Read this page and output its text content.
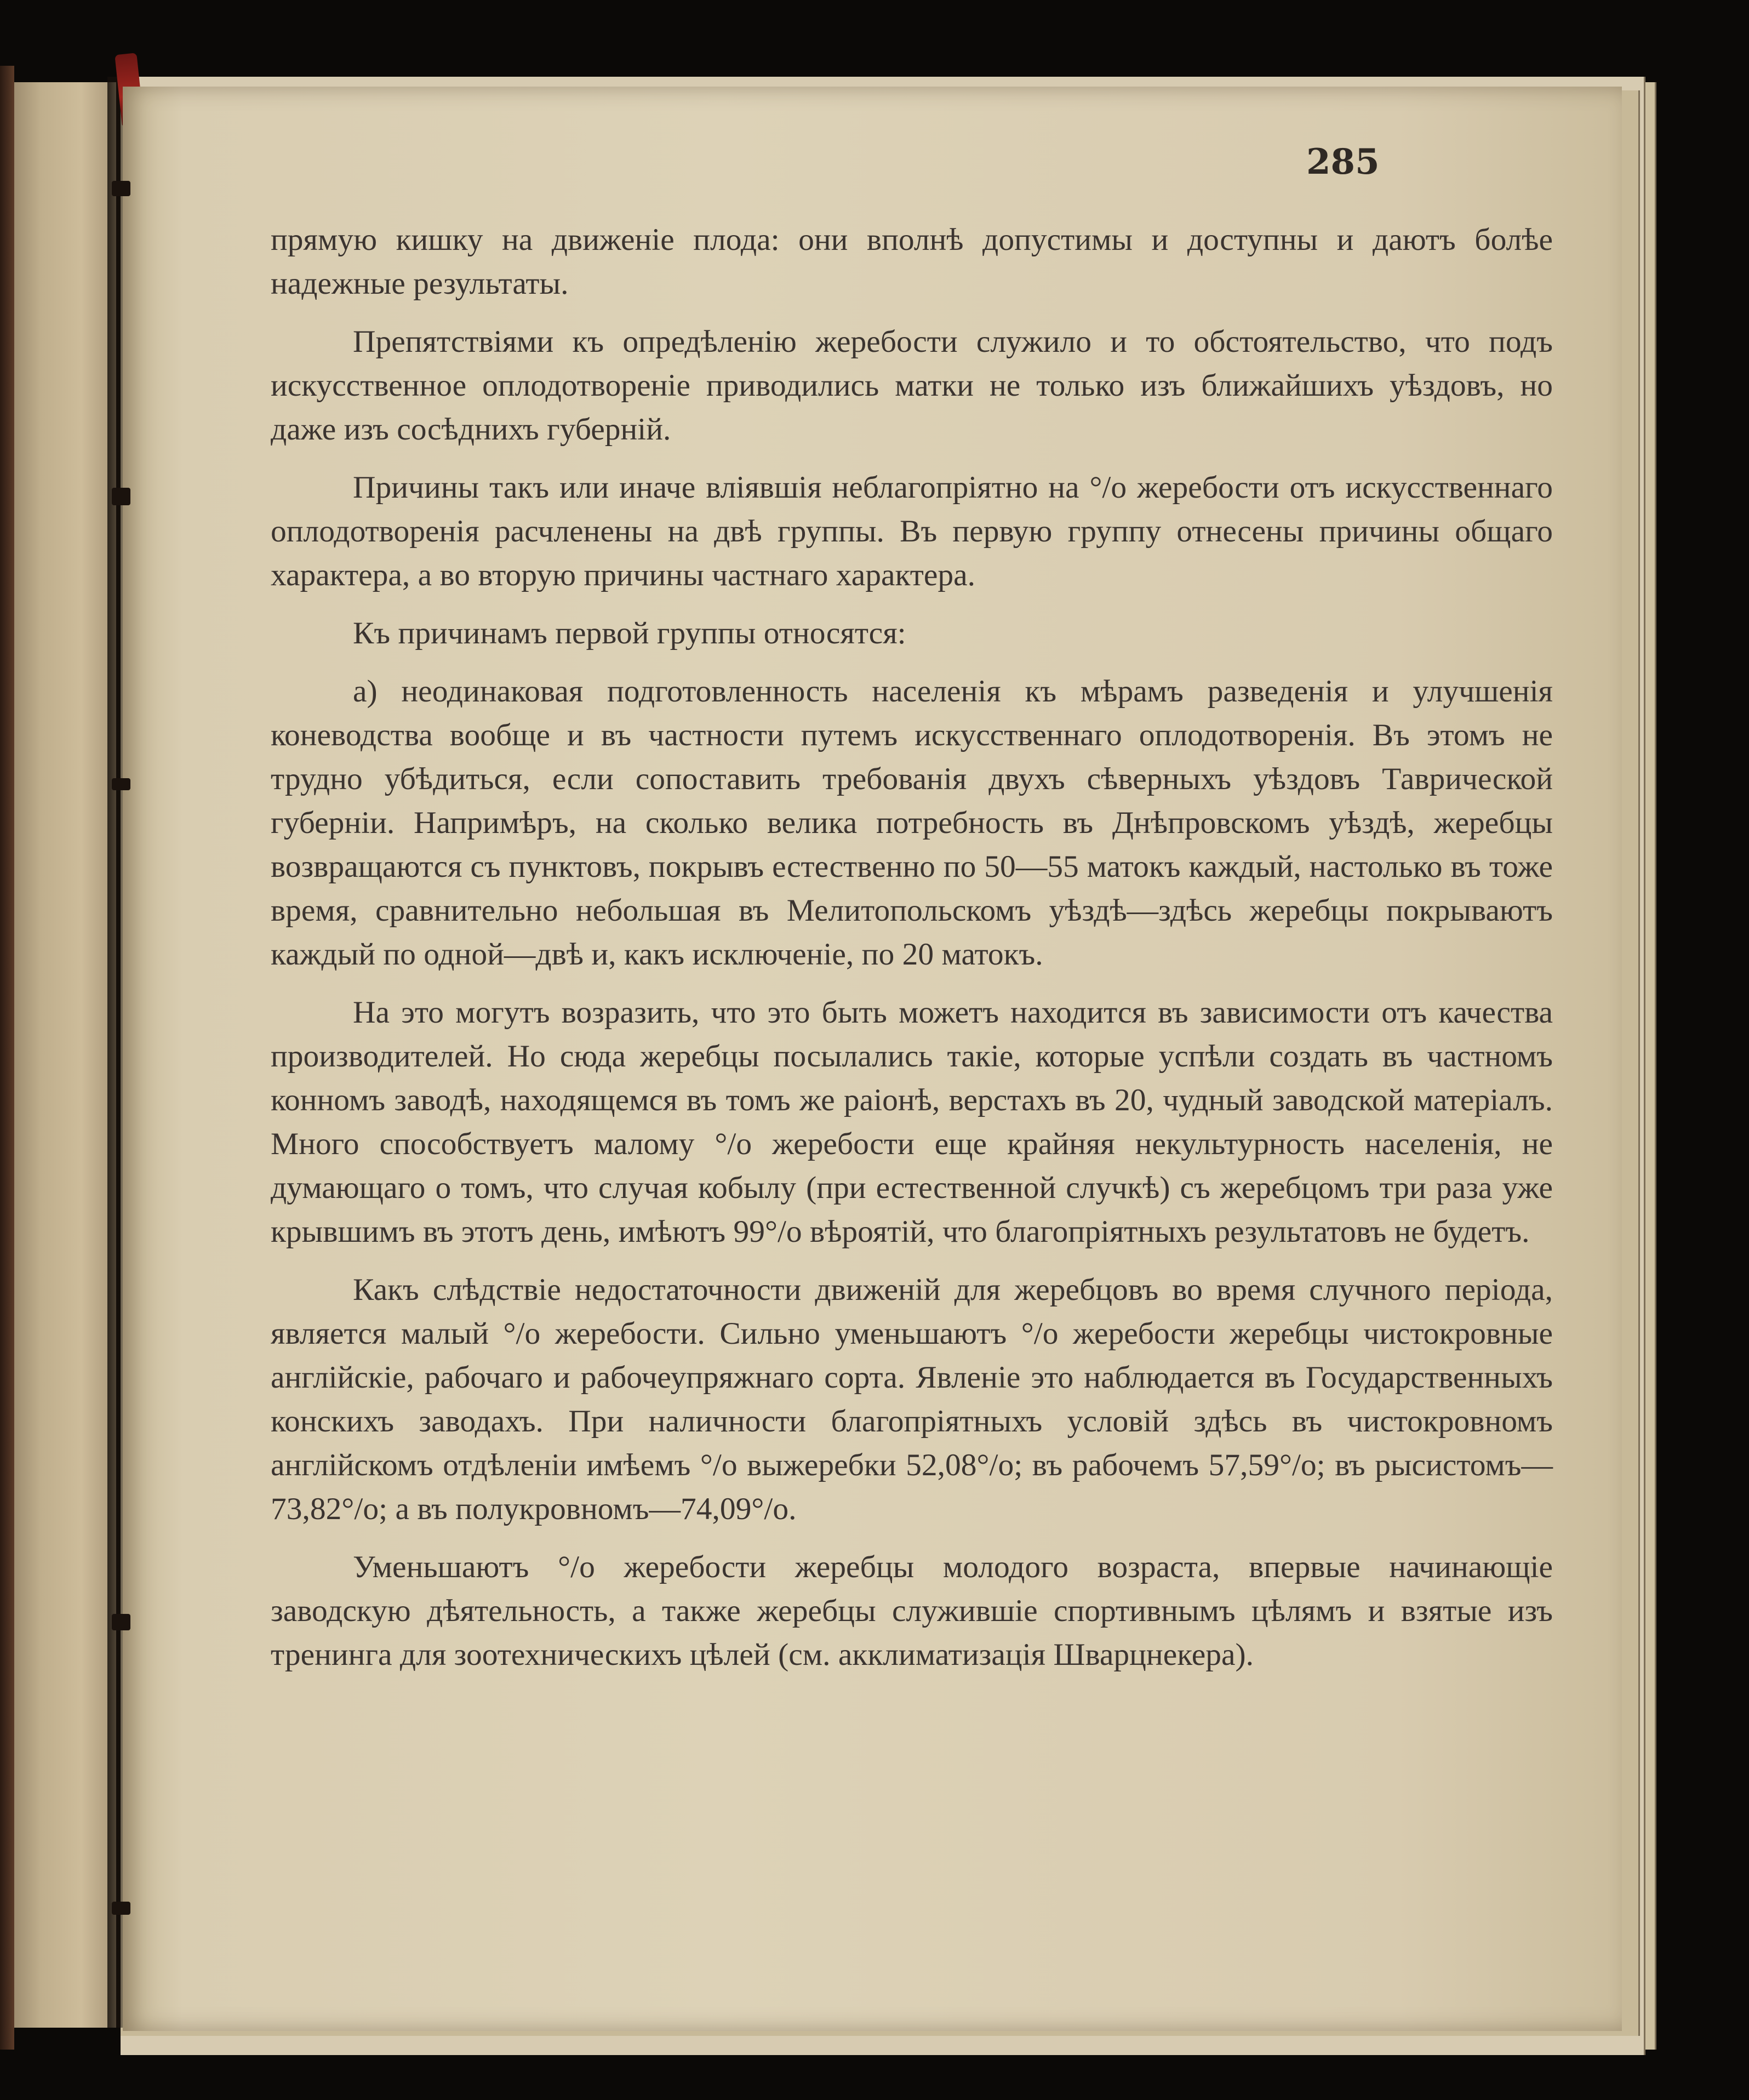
285

прямую кишку на движеніе плода: они вполнѣ допустимы и доступны и даютъ болѣе надежные результаты.

Препятствіями къ опредѣленію жеребости служило и то обстоятельство, что подъ искусственное оплодотвореніе приводились матки не только изъ ближайшихъ уѣздовъ, но даже изъ сосѣднихъ губерній.

Причины такъ или иначе вліявшія неблагопріятно на °/o жеребости отъ искусственнаго оплодотворенія расчленены на двѣ группы. Въ первую группу отнесены причины общаго характера, а во вторую причины частнаго характера.

Къ причинамъ первой группы относятся:

а) неодинаковая подготовленность населенія къ мѣрамъ разведенія и улучшенія коневодства вообще и въ частности путемъ искусственнаго оплодотворенія. Въ этомъ не трудно убѣдиться, если сопоставить требованія двухъ сѣверныхъ уѣздовъ Таврической губерніи. Напримѣръ, на сколько велика потребность въ Днѣпровскомъ уѣздѣ, жеребцы возвращаются съ пунктовъ, покрывъ естественно по 50—55 матокъ каждый, настолько въ тоже время, сравнительно небольшая въ Мелитопольскомъ уѣздѣ—здѣсь жеребцы покрываютъ каждый по одной—двѣ и, какъ исключеніе, по 20 матокъ.

На это могутъ возразить, что это быть можетъ находится въ зависимости отъ качества производителей. Но сюда жеребцы посылались такіе, которые успѣли создать въ частномъ конномъ заводѣ, находящемся въ томъ же раіонѣ, верстахъ въ 20, чудный заводской матеріалъ. Много способствуетъ малому °/o жеребости еще крайняя некультурность населенія, не думающаго о томъ, что случая кобылу (при естественной случкѣ) съ жеребцомъ три раза уже крывшимъ въ этотъ день, имѣютъ 99°/o вѣроятій, что благопріятныхъ результатовъ не будетъ.

Какъ слѣдствіе недостаточности движеній для жеребцовъ во время случного періода, является малый °/o жеребости. Сильно уменьшаютъ °/o жеребости жеребцы чистокровные англійскіе, рабочаго и рабочеупряжнаго сорта. Явленіе это наблюдается въ Государственныхъ конскихъ заводахъ. При наличности благопріятныхъ условій здѣсь въ чистокровномъ англійскомъ отдѣленіи имѣемъ °/o выжеребки 52,08°/o; въ рабочемъ 57,59°/o; въ рысистомъ—73,82°/o; а въ полукровномъ—74,09°/o.

Уменьшаютъ °/o жеребости жеребцы молодого возраста, впервые начинающіе заводскую дѣятельность, а также жеребцы служившіе спортивнымъ цѣлямъ и взятые изъ тренинга для зоотехническихъ цѣлей (см. акклиматизація Шварцнекера).
